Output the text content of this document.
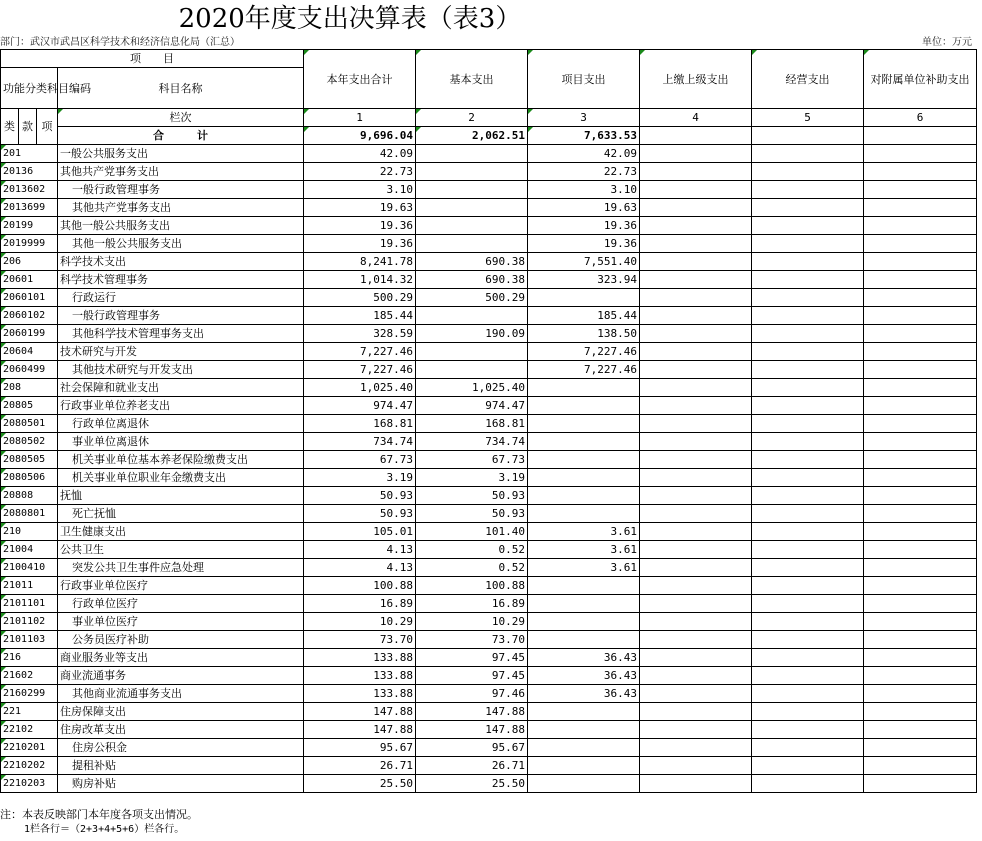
2020年度支出决算表（表3）
部门：武汉市武昌区科学技术和经济信息化局（汇总）	单位：万元
项　　目				本年支出合计	基本支出	项目支出	上缴上级支出	经营支出	对附属单位补助支出
功能分类科目编码			科目名称						

类	款	项							
			栏次	1	2	3	4	5	6
			合　　　计	9,696.04	2,062.51	7,633.53			
201			一般公共服务支出	42.09		42.09			
20136			其他共产党事务支出	22.73		22.73			
2013602			一般行政管理事务	3.10		3.10			
2013699			其他共产党事务支出	19.63		19.63			
20199			其他一般公共服务支出	19.36		19.36			
2019999			其他一般公共服务支出	19.36		19.36			
206			科学技术支出	8,241.78	690.38	7,551.40			
20601			科学技术管理事务	1,014.32	690.38	323.94			
2060101			行政运行	500.29	500.29				
2060102			一般行政管理事务	185.44		185.44			
2060199			其他科学技术管理事务支出	328.59	190.09	138.50			
20604			技术研究与开发	7,227.46		7,227.46			
2060499			其他技术研究与开发支出	7,227.46		7,227.46			
208			社会保障和就业支出	1,025.40	1,025.40				
20805			行政事业单位养老支出	974.47	974.47				
2080501			行政单位离退休	168.81	168.81				
2080502			事业单位离退休	734.74	734.74				
2080505			机关事业单位基本养老保险缴费支出	67.73	67.73				
2080506			机关事业单位职业年金缴费支出	3.19	3.19				
20808			抚恤	50.93	50.93				
2080801			死亡抚恤	50.93	50.93				
210			卫生健康支出	105.01	101.40	3.61			
21004			公共卫生	4.13	0.52	3.61			
2100410			突发公共卫生事件应急处理	4.13	0.52	3.61			
21011			行政事业单位医疗	100.88	100.88				
2101101			行政单位医疗	16.89	16.89				
2101102			事业单位医疗	10.29	10.29				
2101103			公务员医疗补助	73.70	73.70				
216			商业服务业等支出	133.88	97.45	36.43			
21602			商业流通事务	133.88	97.45	36.43			
2160299			其他商业流通事务支出	133.88	97.46	36.43			
221			住房保障支出	147.88	147.88				
22102			住房改革支出	147.88	147.88				
2210201			住房公积金	95.67	95.67				
2210202			提租补贴	26.71	26.71				
2210203			购房补贴	25.50	25.50				
注：本表反映部门本年度各项支出情况。
1栏各行＝（2+3+4+5+6）栏各行。
